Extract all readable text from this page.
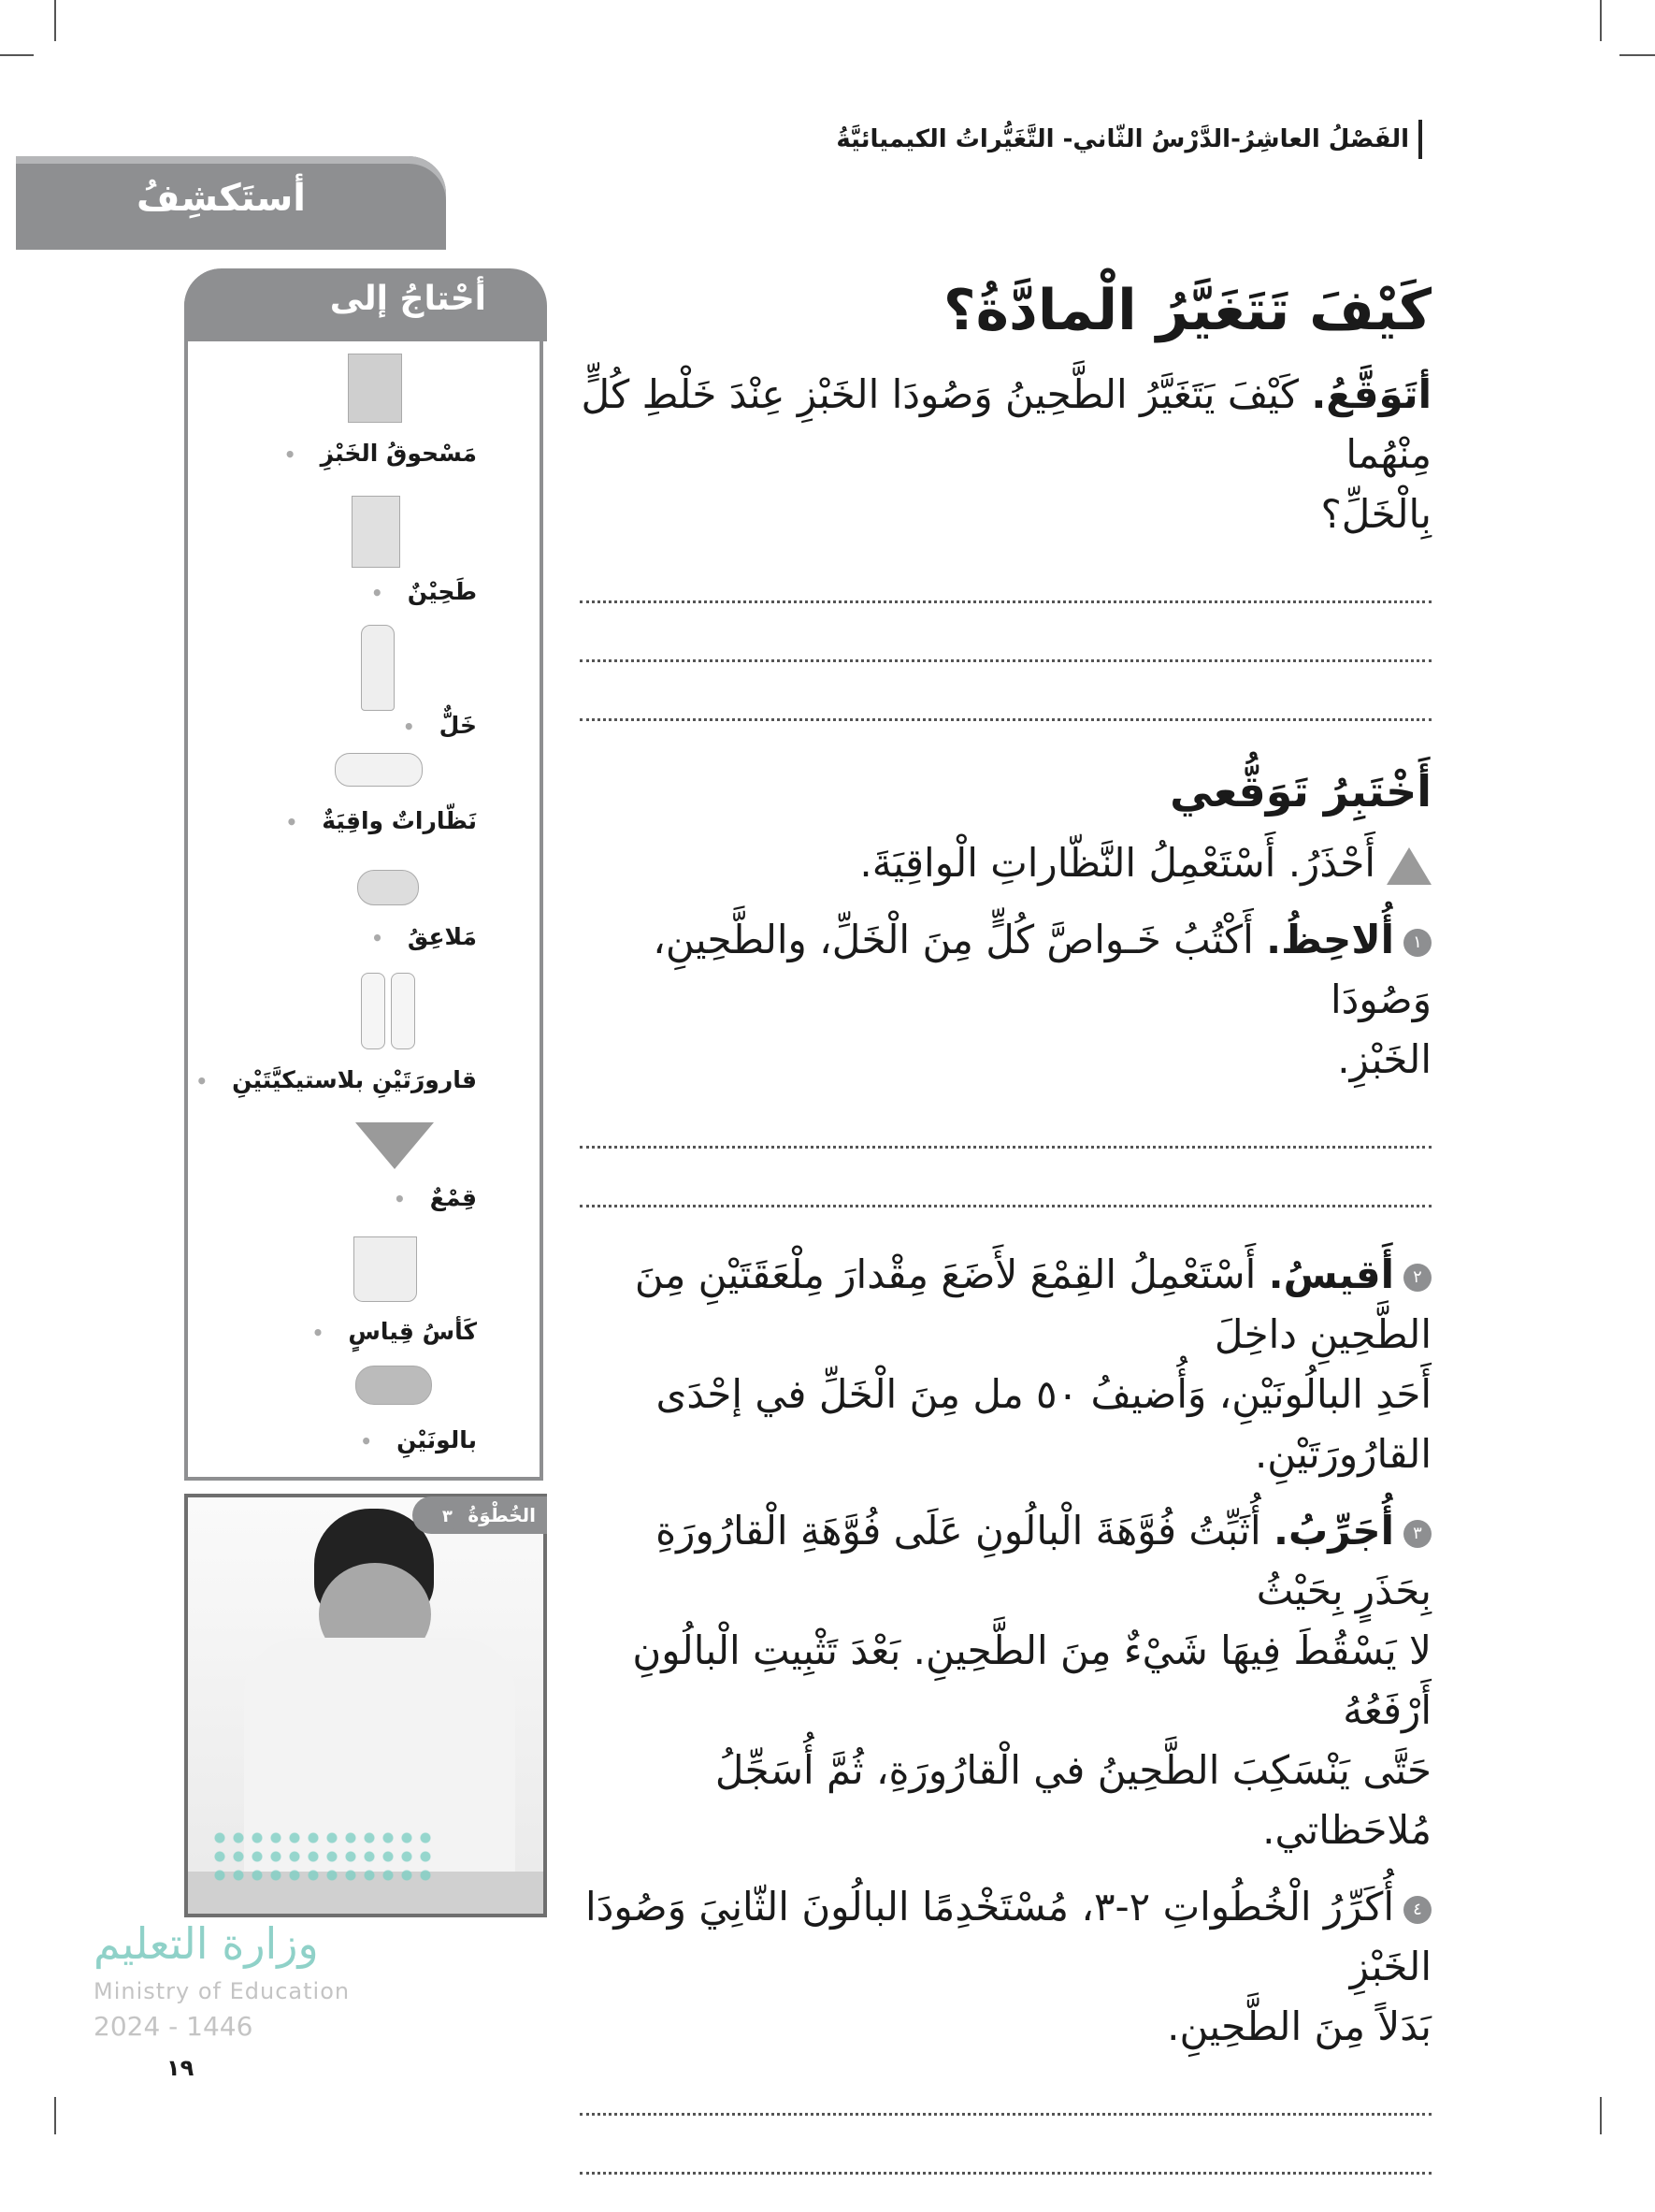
الفَصْلُ العاشِرُ-الدَّرْسُ الثّاني- التَّغَيُّراتُ الكيميائيَّةُ
أستَكشِفُ
أحْتاجُ إلى
مَسْحوقُ الخَبْزِ •
طَحِيْنٌ •
خَلٌّ •
نَظّاراتٌ واقِيَةٌ •
مَلاعِقُ •
قارورَتَيْنِ بلاستيكيَّتَيْنِ •
قِمْعٌ •
كَأسُ قِياسٍ •
بالونَيْنِ •
الخُطْوَةُ ٣
كَيْفَ تَتَغَيَّرُ الْمادَّةُ؟
أتَوَقَّعُ. كَيْفَ يَتَغَيَّرُ الطَّحِينُ وَصُودَا الخَبْزِ عِنْدَ خَلْطِ كُلٍّ مِنْهُما
بِالْخَلِّ؟
أَخْتَبِرُ تَوَقُّعي
أَحْذَرُ. أَسْتَعْمِلُ النَّظّاراتِ الْواقِيَةَ.
١أُلاحِظُ. أَكْتُبُ خَـواصَّ كُلٍّ مِنَ الْخَلِّ، والطَّحِينِ، وَصُودَا
الخَبْزِ.
٢أَقيسُ. أَسْتَعْمِلُ القِمْعَ لأَضَعَ مِقْدارَ مِلْعَقَتَيْنِ مِنَ الطَّحِينِ داخِلَ
أَحَدِ البالُونَيْنِ، وَأُضيفُ ٥٠ مل مِنَ الْخَلِّ في إحْدَى القارُورَتَيْنِ.
٣أُجَرِّبُ. أُثَبِّتُ فُوَّهَةَ الْبالُونِ عَلَى فُوَّهَةِ الْقارُورَةِ بِحَذَرٍ بِحَيْثُ
لا يَسْقُطَ فِيهَا شَيْءٌ مِنَ الطَّحِينِ. بَعْدَ تَثْبِيتِ الْبالُونِ أَرْفَعُهُ
حَتَّى يَنْسَكِبَ الطَّحِينُ في الْقارُورَةِ، ثُمَّ أُسَجِّلُ مُلاحَظاتي.
٤أُكَرِّرُ الْخُطُواتِ ٢-٣، مُسْتَخْدِمًا البالُونَ الثّانِيَ وَصُودَا الخَبْزِ
بَدَلاً مِنَ الطَّحِينِ.
وزارة التعليم
Ministry of Education
2024 - 1446
١٩
